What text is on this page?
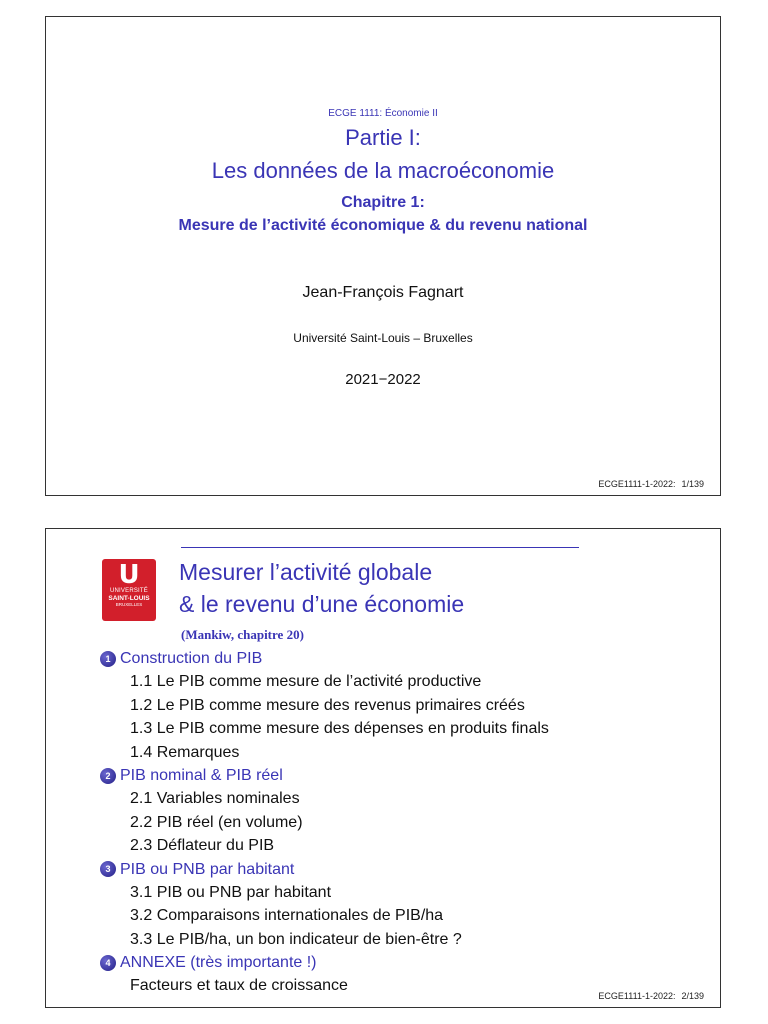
ECGE 1111: Économie II
Partie I:
Les données de la macroéconomie
Chapitre 1:
Mesure de l’activité économique & du revenu national
Jean-François Fagnart
Université Saint-Louis – Bruxelles
2021−2022
ECGE1111-1-2022: 1/139
U
UNIVERSITÉ
SAINT-LOUIS
BRUXELLES
Mesurer l’activité globale
& le revenu d’une économie
(Mankiw, chapitre 20)
1 Construction du PIB
1.1 Le PIB comme mesure de l’activité productive
1.2 Le PIB comme mesure des revenus primaires créés
1.3 Le PIB comme mesure des dépenses en produits finals
1.4 Remarques
2 PIB nominal & PIB réel
2.1 Variables nominales
2.2 PIB réel (en volume)
2.3 Déflateur du PIB
3 PIB ou PNB par habitant
3.1 PIB ou PNB par habitant
3.2 Comparaisons internationales de PIB/ha
3.3 Le PIB/ha, un bon indicateur de bien-être ?
4 ANNEXE (très importante !)
Facteurs et taux de croissance
ECGE1111-1-2022: 2/139
